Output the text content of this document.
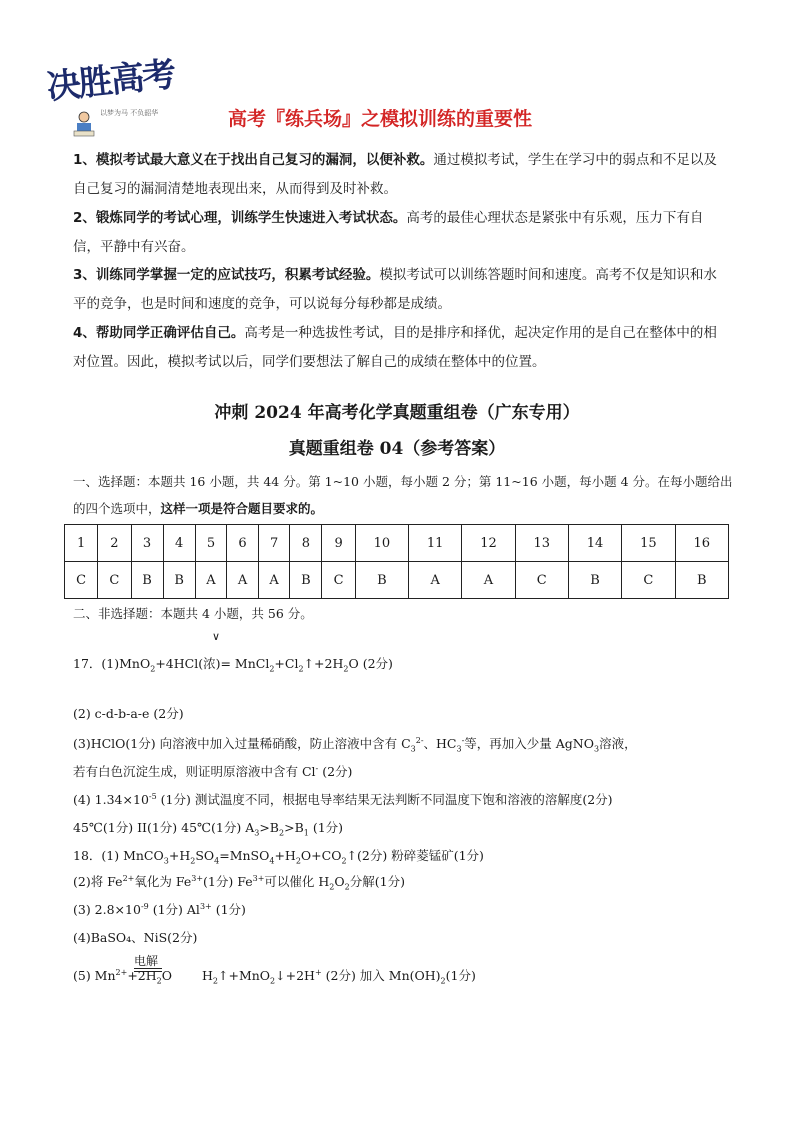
决胜高考
以梦为马 不负韶华	高考『练兵场』之模拟训练的重要性
1、模拟考试最大意义在于找出自己复习的漏洞，以便补救。通过模拟考试，学生在学习中的弱点和不足以及自己复习的漏洞清楚地表现出来，从而得到及时补救。
2、锻炼同学的考试心理，训练学生快速进入考试状态。高考的最佳心理状态是紧张中有乐观，压力下有自信，平静中有兴奋。
3、训练同学掌握一定的应试技巧，积累考试经验。模拟考试可以训练答题时间和速度。高考不仅是知识和水平的竞争，也是时间和速度的竞争，可以说每分每秒都是成绩。
4、帮助同学正确评估自己。高考是一种选拔性考试，目的是排序和择优，起决定作用的是自己在整体中的相对位置。因此，模拟考试以后，同学们要想法了解自己的成绩在整体中的位置。
冲刺 2024 年高考化学真题重组卷（广东专用）
真题重组卷 04（参考答案）
一、选择题：本题共 16 小题，共 44 分。第 1~10 小题，每小题 2 分；第 11~16 小题，每小题 4 分。在每小题给出的四个选项中，这样一项是符合题目要求的。
1	2	3	4	5	6	7	8	9	10	11	12	13	14	15	16
C	C	B	B	A	A	A	B	C	B	A	A	C	B	C	B
二、非选择题：本题共 4 小题，共 56 分。
∨
17．(1)MnO$_2$+4HCl(浓)= $MnCl_2+Cl_2↑+2H_2O$ (2分)
(2) c-d-b-a-e (2分)
(3)HClO(1分) 向溶液中加入过量稀硝酸，防止溶液中含有 $C_3^{2-}$、$HC_3^-$等，再加入少量 AgNO$_3$溶液，
若有白色沉淀生成，则证明原溶液中含有 Cl- (2分)
(4) $1.34\times 10^{-5}$ (1分) 测试温度不同，根据电导率结果无法判断不同温度下饱和溶液的溶解度(2分)
45℃(1分) II(1分) 45℃(1分) $A_3>B_2>B_1$ (1分)
18．(1) $MnCO_3+H_2SO_4=MnSO_4+H_2O+CO_2↑(2$分) 粉碎菱锰矿(1分)
(2)将 $Fe^{2+}$氧化为 $Fe^{3+}(1$分) $Fe^{3+}$可以催化 $H_2O_2$分解(1分)
(3) $2.8\times 10^{-9}$ (1分) $Al^{3+}$ (1分)
(4)BaSO₄、NiS(2分)
电解
(5) $Mn^{2+}+2H_2O$ $H_2↑+MnO_2↓+2H^+$ (2分) 加入 $Mn(OH)_2(1$分)
